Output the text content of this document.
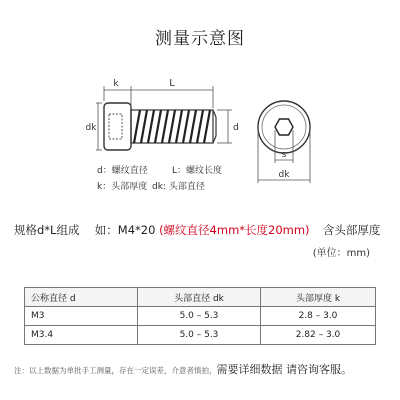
测量示意图
k	L
dk	d
s
dk
d：螺纹直径	L：螺纹长度
k：头部厚度 dk: 头部直径
规格d*L组成 如：M4*20 (螺纹直径4mm*长度20mm) 含头部厚度
(单位：mm)
公称直径 d	头部直径 dk	头部厚度 k
M3	5.0 – 5.3	2.8 – 3.0
M3.4	5.0 – 5.3	2.82 – 3.0
注：以上数据为单批手工测量，存在一定误差，介意者慎拍，需要详细数据 请咨询客服。
